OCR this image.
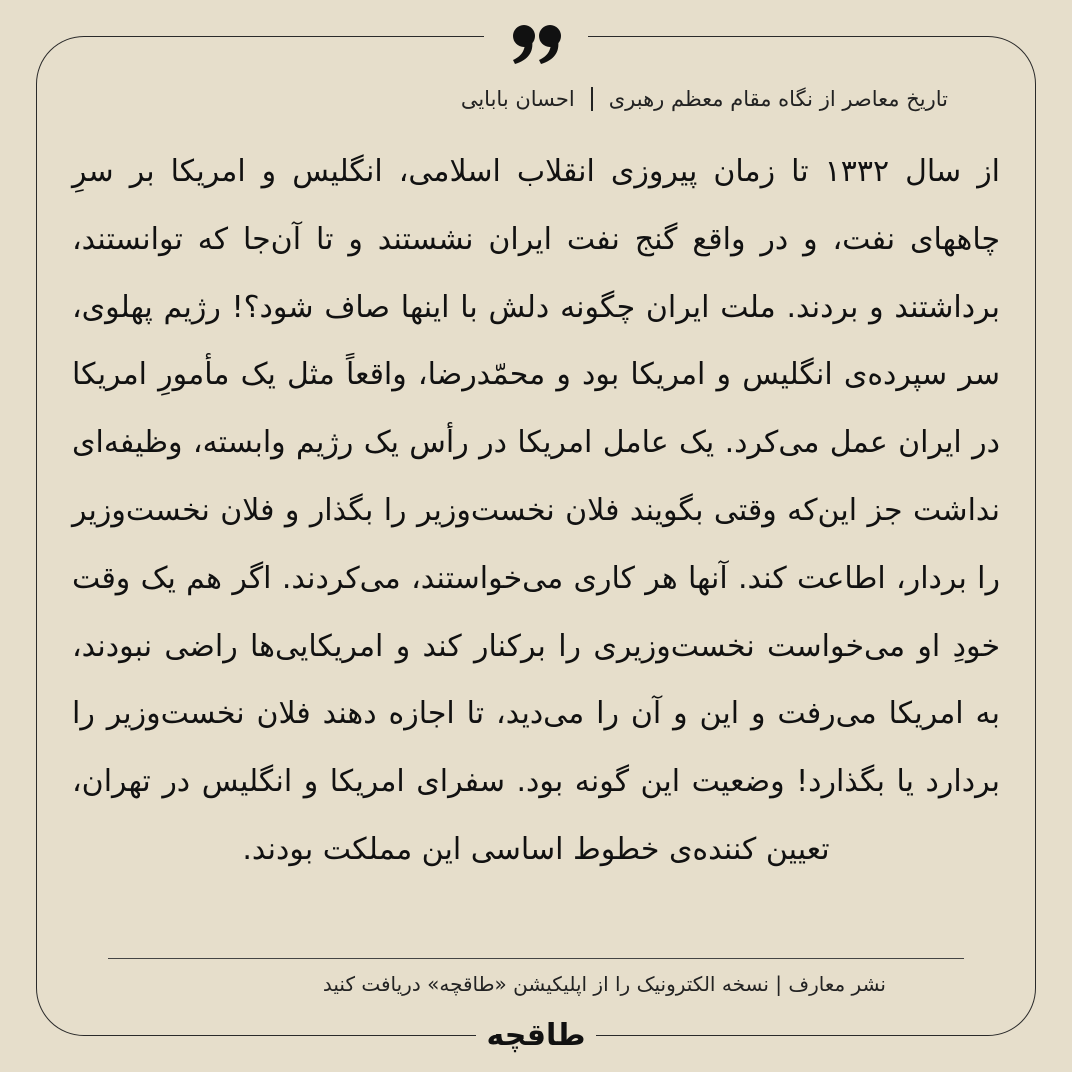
تاریخ معاصر از نگاه مقام معظم رهبری
احسان بابایی
از سال ۱۳۳۲ تا زمان پیروزی انقلاب اسلامی، انگلیس و امریکا بر سرِ چاههای نفت، و در واقع گنج نفت ایران نشستند و تا آن‌جا که توانستند، برداشتند و بردند. ملت ایران چگونه دلش با اینها صاف شود؟! رژیم پهلوی، سر سپرده‌ی انگلیس و امریکا بود و محمّدرضا، واقعاً مثل یک مأمورِ امریکا در ایران عمل می‌کرد. یک عامل امریکا در رأس یک رژیم وابسته، وظیفه‌ای نداشت جز این‌که وقتی بگویند فلان نخست‌وزیر را بگذار و فلان نخست‌وزیر را بردار، اطاعت کند. آنها هر کاری می‌خواستند، می‌کردند. اگر هم یک وقت خودِ او می‌خواست نخست‌وزیری را برکنار کند و امریکایی‌ها راضی نبودند، به امریکا می‌رفت و این و آن را می‌دید، تا اجازه دهند فلان نخست‌وزیر را بردارد یا بگذارد! وضعیت این گونه بود. سفرای امریکا و انگلیس در تهران، تعیین کننده‌ی خطوط اساسی این مملکت بودند.
نشر معارف | نسخه الکترونیک را از اپلیکیشن «طاقچه» دریافت کنید
طاقچه
